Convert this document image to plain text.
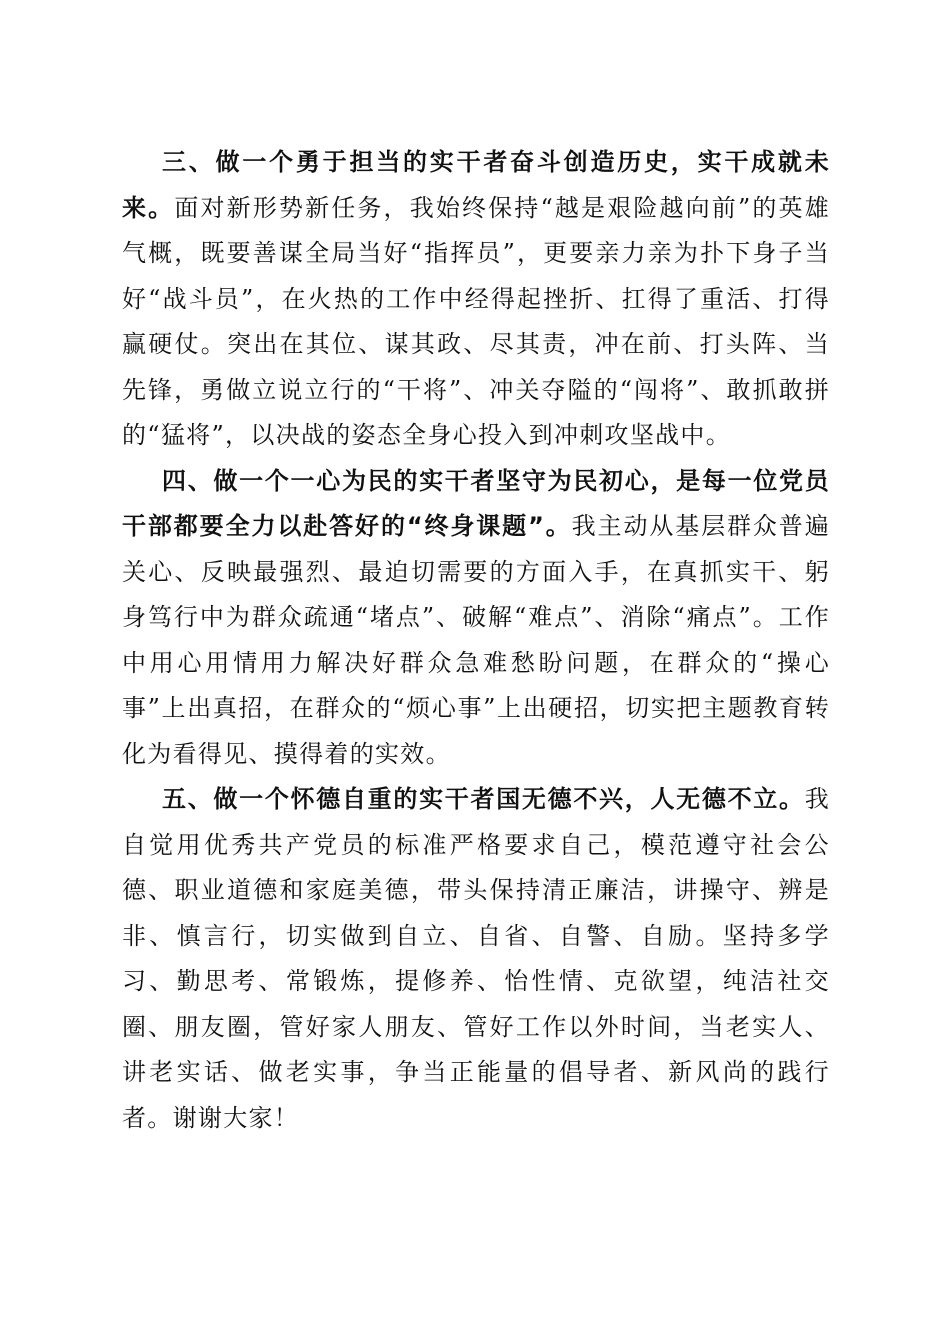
三、做一个勇于担当的实干者奋斗创造历史，实干成就未来。面对新形势新任务，我始终保持“越是艰险越向前”的英雄气概，既要善谋全局当好“指挥员”，更要亲力亲为扑下身子当好“战斗员”，在火热的工作中经得起挫折、扛得了重活、打得赢硬仗。突出在其位、谋其政、尽其责，冲在前、打头阵、当先锋，勇做立说立行的“干将”、冲关夺隘的“闯将”、敢抓敢拼的“猛将”，以决战的姿态全身心投入到冲刺攻坚战中。

四、做一个一心为民的实干者坚守为民初心，是每一位党员干部都要全力以赴答好的“终身课题”。我主动从基层群众普遍关心、反映最强烈、最迫切需要的方面入手，在真抓实干、躬身笃行中为群众疏通“堵点”、破解“难点”、消除“痛点”。工作中用心用情用力解决好群众急难愁盼问题，在群众的“操心事”上出真招，在群众的“烦心事”上出硬招，切实把主题教育转化为看得见、摸得着的实效。

五、做一个怀德自重的实干者国无德不兴，人无德不立。我自觉用优秀共产党员的标准严格要求自己，模范遵守社会公德、职业道德和家庭美德，带头保持清正廉洁，讲操守、辨是非、慎言行，切实做到自立、自省、自警、自励。坚持多学习、勤思考、常锻炼，提修养、怡性情、克欲望，纯洁社交圈、朋友圈，管好家人朋友、管好工作以外时间，当老实人、讲老实话、做老实事，争当正能量的倡导者、新风尚的践行者。谢谢大家！
